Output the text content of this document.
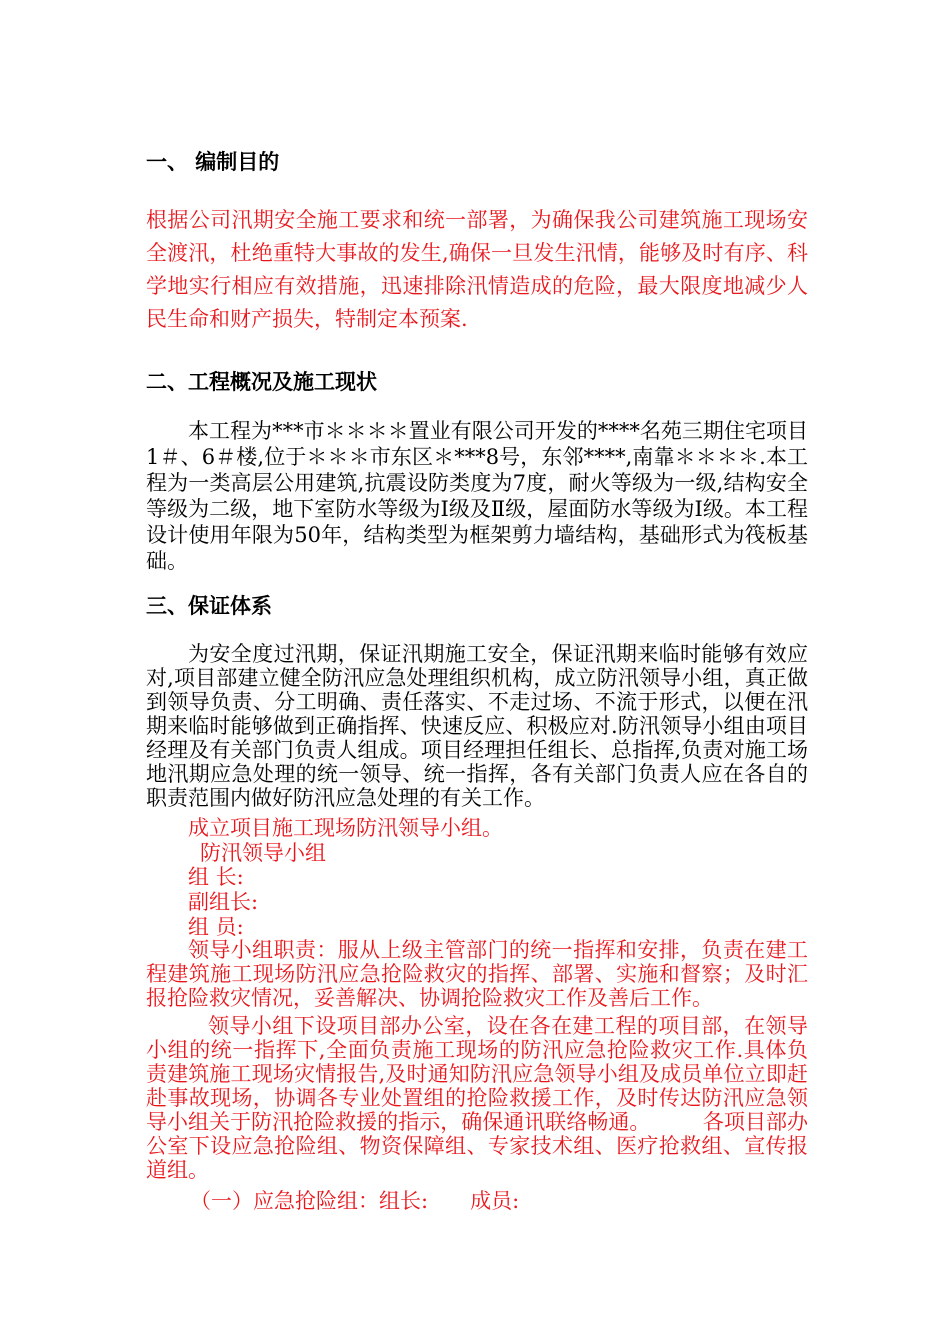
一、 编制目的
根据公司汛期安全施工要求和统一部署，为确保我公司建筑施工现场安全渡汛，杜绝重特大事故的发生,确保一旦发生汛情，能够及时有序、科学地实行相应有效措施，迅速排除汛情造成的危险，最大限度地减少人民生命和财产损失，特制定本预案.
二、工程概况及施工现状
本工程为***市＊＊＊＊置业有限公司开发的****名苑三期住宅项目1＃、6＃楼,位于＊＊＊市东区＊***8号，东邻****,南靠＊＊＊＊.本工程为一类高层公用建筑,抗震设防类度为7度，耐火等级为一级,结构安全等级为二级，地下室防水等级为Ⅰ级及Ⅱ级，屋面防水等级为Ⅰ级。本工程设计使用年限为50年，结构类型为框架剪力墙结构，基础形式为筏板基础。
三、保证体系
为安全度过汛期，保证汛期施工安全，保证汛期来临时能够有效应对,项目部建立健全防汛应急处理组织机构，成立防汛领导小组，真正做到领导负责、分工明确、责任落实、不走过场、不流于形式，以便在汛期来临时能够做到正确指挥、快速反应、积极应对.防汛领导小组由项目经理及有关部门负责人组成。项目经理担任组长、总指挥,负责对施工场地汛期应急处理的统一领导、统一指挥，各有关部门负责人应在各自的职责范围内做好防汛应急处理的有关工作。
成立项目施工现场防汛领导小组。
防汛领导小组
组 长:
副组长:
组 员:
领导小组职责：服从上级主管部门的统一指挥和安排，负责在建工程建筑施工现场防汛应急抢险救灾的指挥、部署、实施和督察；及时汇报抢险救灾情况，妥善解决、协调抢险救灾工作及善后工作。
领导小组下设项目部办公室，设在各在建工程的项目部，在领导小组的统一指挥下,全面负责施工现场的防汛应急抢险救灾工作.具体负责建筑施工现场灾情报告,及时通知防汛应急领导小组及成员单位立即赶赴事故现场，协调各专业处置组的抢险救援工作，及时传达防汛应急领导小组关于防汛抢险救援的指示，确保通讯联络畅通。　　　各项目部办公室下设应急抢险组、物资保障组、专家技术组、医疗抢救组、宣传报道组。
（一）应急抢险组：组长:　　成员:
